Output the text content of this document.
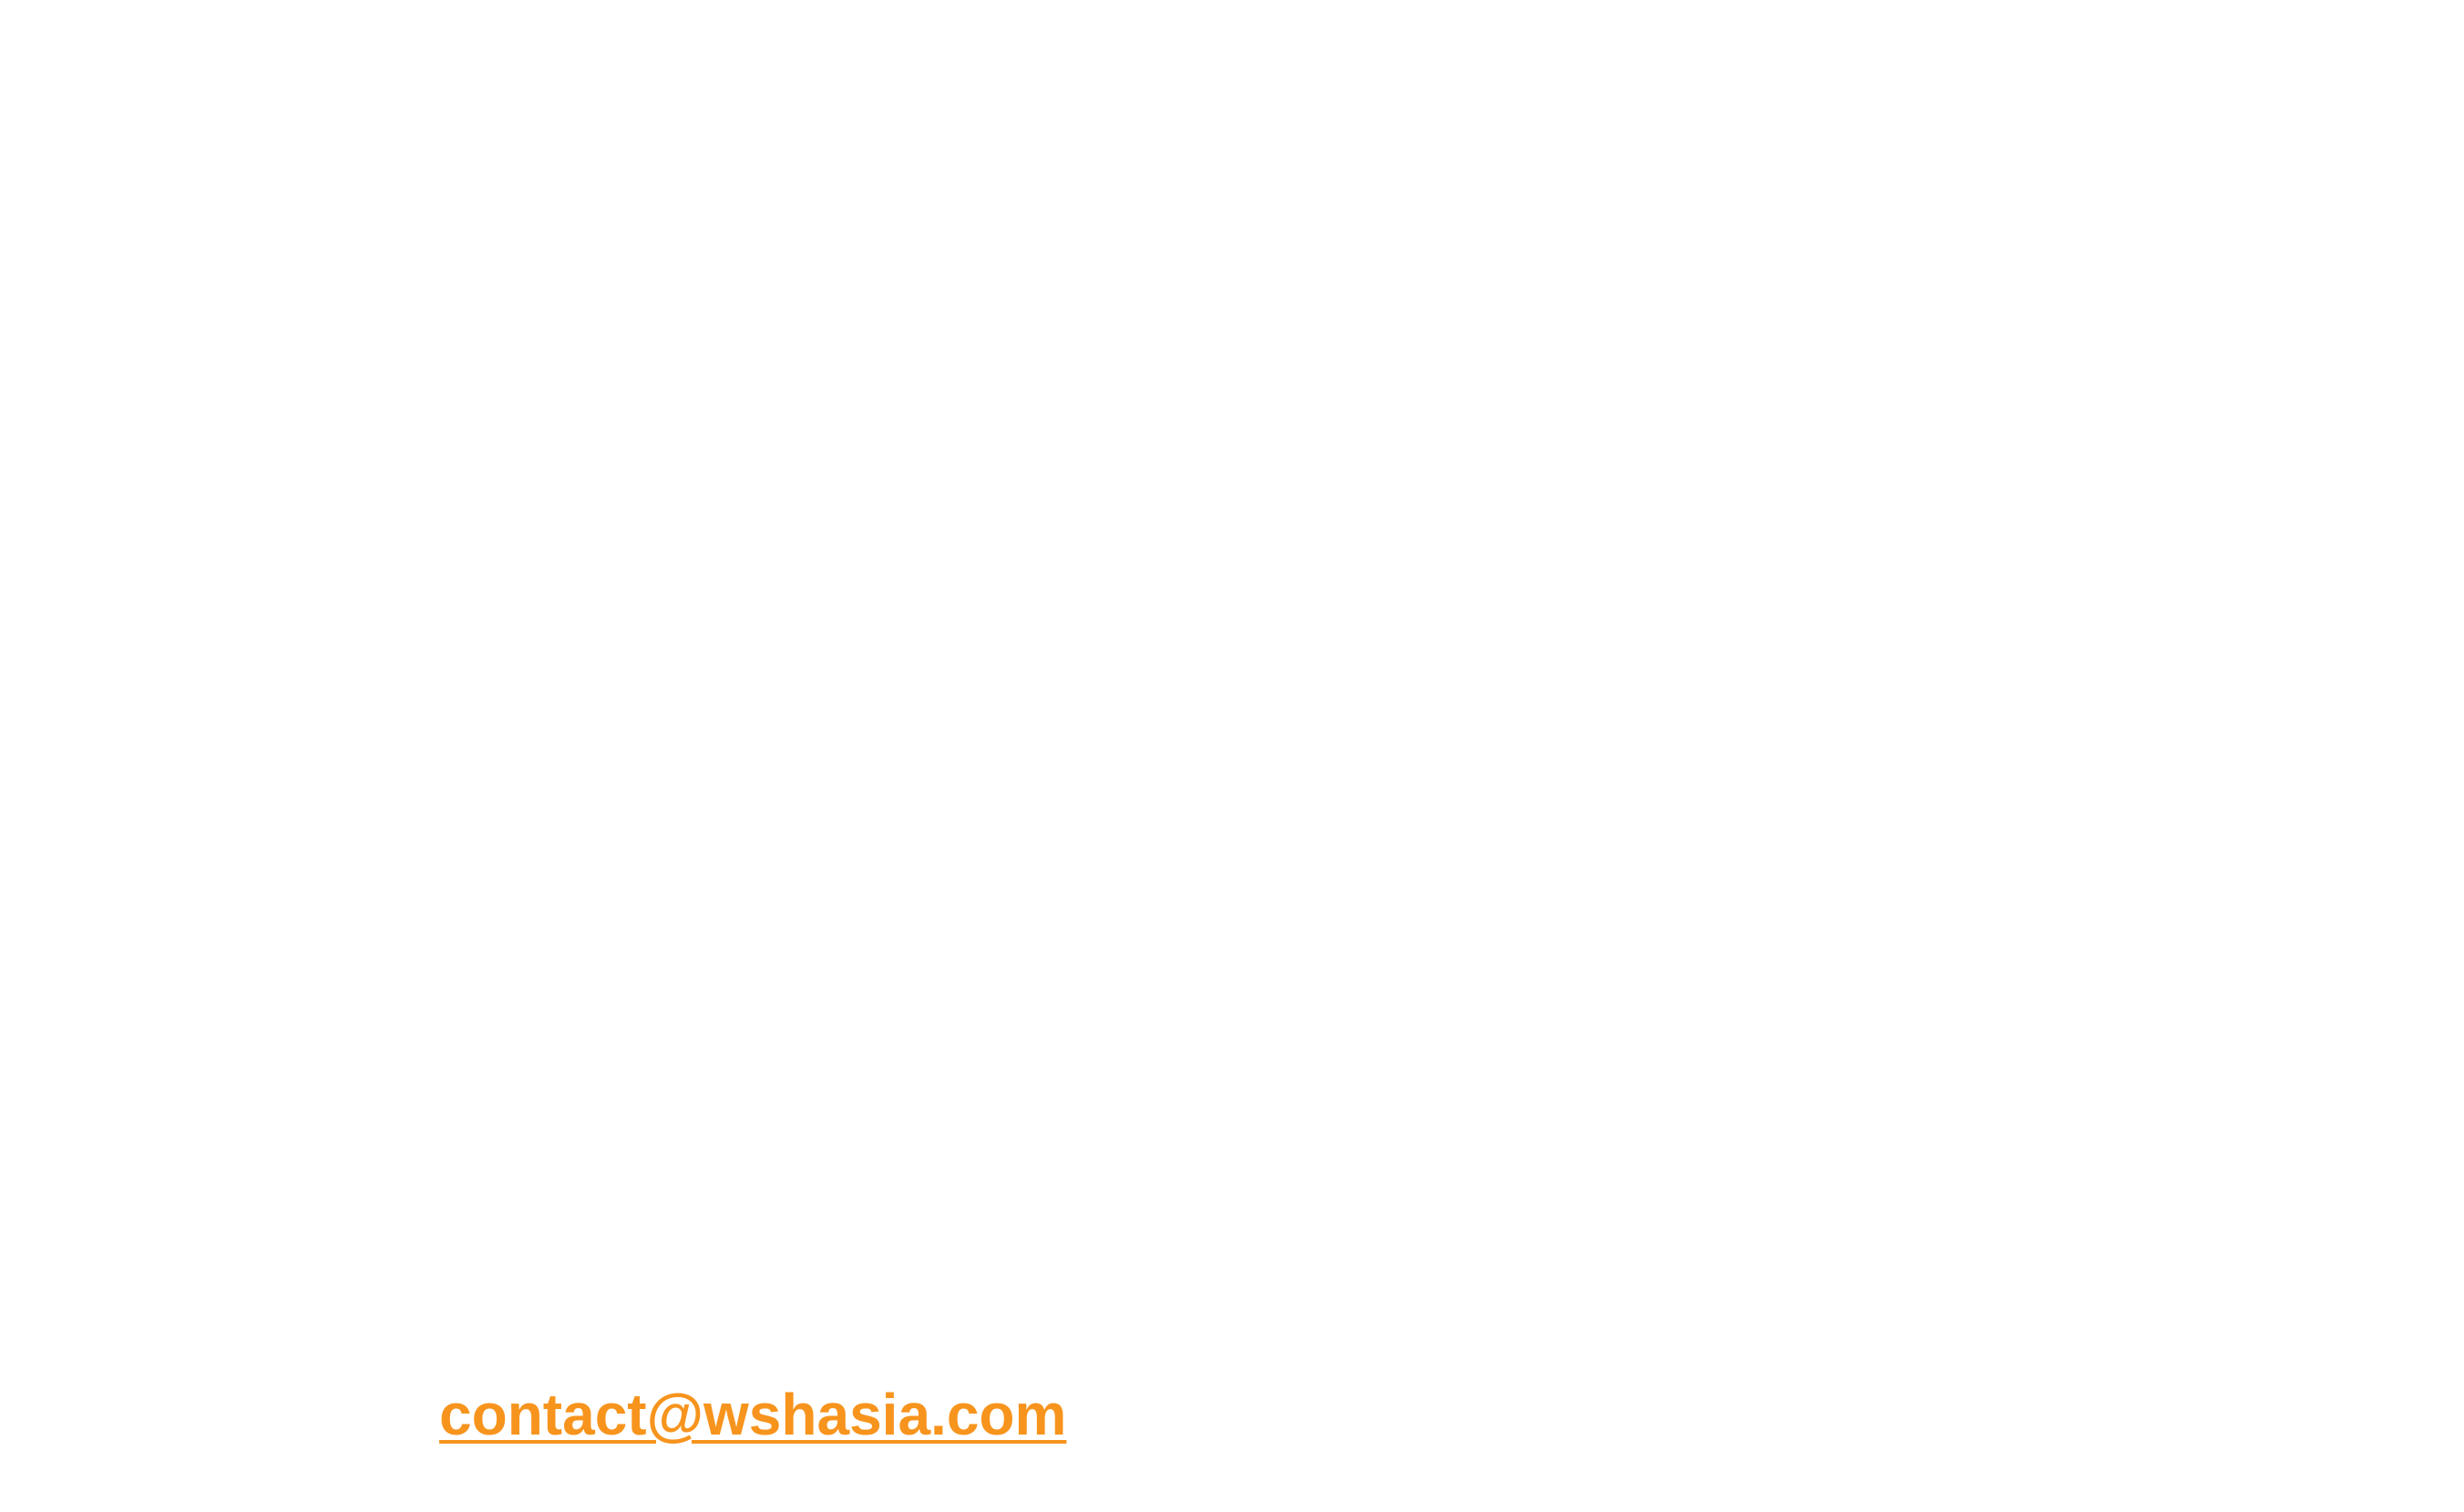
contact@wshasia.com
